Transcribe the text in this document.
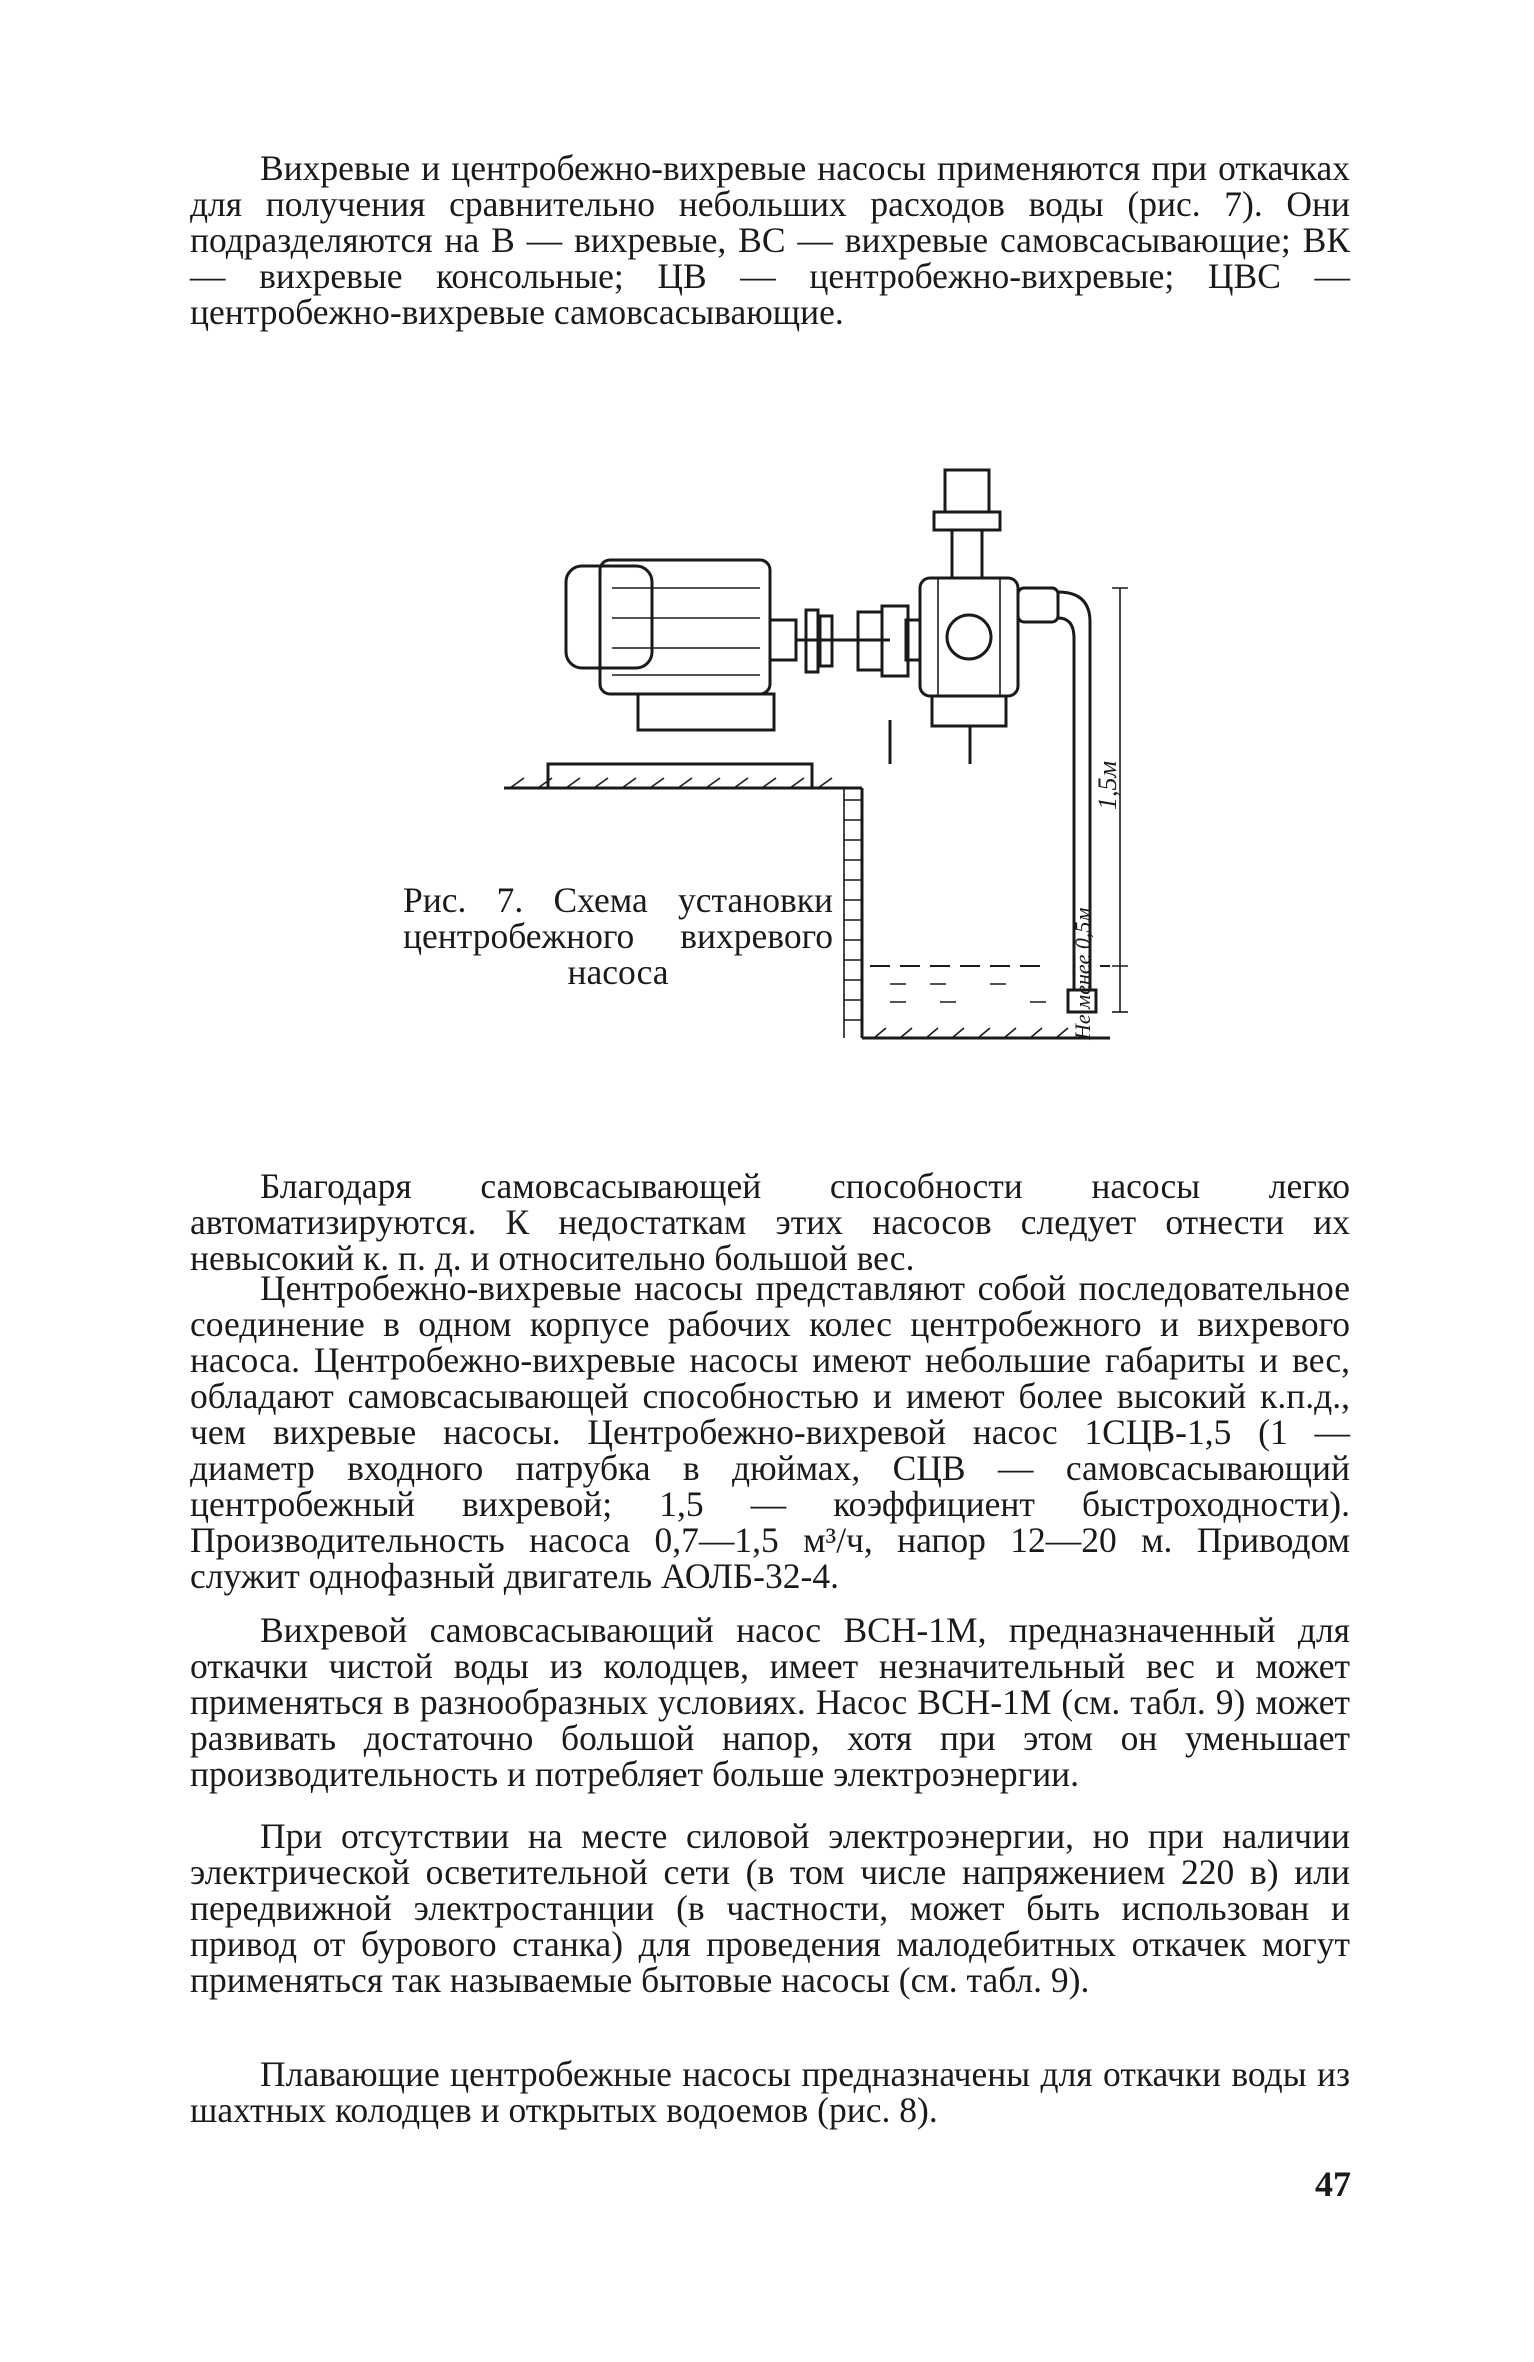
Вихревые и центробежно-вихревые насосы применяются при откачках для получения сравнительно небольших расходов воды (рис. 7). Они подразделяются на В — вихревые, ВС — вихревые самовсасывающие; ВК — вихревые консольные; ЦВ — центробежно-вихревые; ЦВС — центробежно-вихревые самовсасывающие.

1,5м
Не менее 0,5м

Рис. 7. Схема установки центробежного вихревого насоса

Благодаря самовсасывающей способности насосы легко автоматизируются. К недостаткам этих насосов следует отнести их невысокий к. п. д. и относительно большой вес.

Центробежно-вихревые насосы представляют собой последовательное соединение в одном корпусе рабочих колес центробежного и вихревого насоса. Центробежно-вихревые насосы имеют небольшие габариты и вес, обладают самовсасывающей способностью и имеют более высокий к.п.д., чем вихревые насосы. Центробежно-вихревой насос 1СЦВ-1,5 (1 — диаметр входного патрубка в дюймах, СЦВ — самовсасывающий центробежный вихревой; 1,5 — коэффициент быстроходности). Производительность насоса 0,7—1,5 м³/ч, напор 12—20 м. Приводом служит однофазный двигатель АОЛБ-32-4.

Вихревой самовсасывающий насос ВСН-1М, предназначенный для откачки чистой воды из колодцев, имеет незначительный вес и может применяться в разнообразных условиях. Насос ВСН-1М (см. табл. 9) может развивать достаточно большой напор, хотя при этом он уменьшает производительность и потребляет больше электроэнергии.

При отсутствии на месте силовой электроэнергии, но при наличии электрической осветительной сети (в том числе напряжением 220 в) или передвижной электростанции (в частности, может быть использован и привод от бурового станка) для проведения малодебитных откачек могут применяться так называемые бытовые насосы (см. табл. 9).

Плавающие центробежные насосы предназначены для откачки воды из шахтных колодцев и открытых водоемов (рис. 8).

47
